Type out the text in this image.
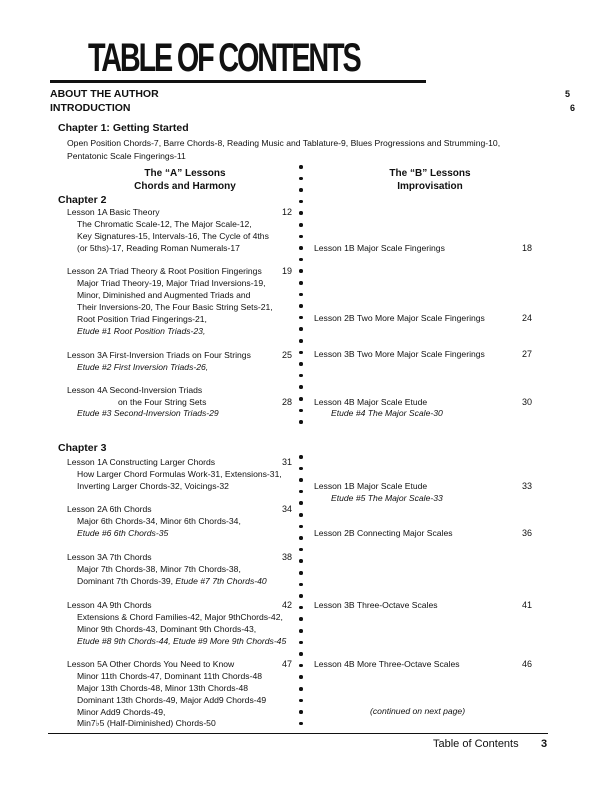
TABLE OF CONTENTS
ABOUT THE AUTHOR	5
INTRODUCTION	6
Chapter 1: Getting Started
Open Position Chords-7, Barre Chords-8, Reading Music and Tablature-9, Blues Progressions and Strumming-10,
Pentatonic Scale Fingerings-11
The “A” Lessons
Chords and Harmony
The “B” Lessons
Improvisation
Chapter 2
Lesson 1A Basic Theory	12
The Chromatic Scale-12, The Major Scale-12,
Key Signatures-15, Intervals-16, The Cycle of 4ths
(or 5ths)-17, Reading Roman Numerals-17
Lesson 2A Triad Theory & Root Position Fingerings	19
Major Triad Theory-19, Major Triad Inversions-19,
Minor, Diminished and Augmented Triads and
Their Inversions-20, The Four Basic String Sets-21,
Root Position Triad Fingerings-21,
Etude #1 Root Position Triads-23,
Lesson 3A First-Inversion Triads on Four Strings	25
Etude #2 First Inversion Triads-26,
Lesson 4A Second-Inversion Triads
on the Four String Sets	28
Etude #3 Second-Inversion Triads-29
Lesson 1B Major Scale Fingerings	18
Lesson 2B Two More Major Scale Fingerings	24
Lesson 3B Two More Major Scale Fingerings	27
Lesson 4B Major Scale Etude	30
Etude #4 The Major Scale-30
Chapter 3
Lesson 1A Constructing Larger Chords	31
How Larger Chord Formulas Work-31, Extensions-31,
Inverting Larger Chords-32, Voicings-32
Lesson 2A 6th Chords	34
Major 6th Chords-34, Minor 6th Chords-34,
Etude #6 6th Chords-35
Lesson 3A 7th Chords	38
Major 7th Chords-38, Minor 7th Chords-38,
Dominant 7th Chords-39, Etude #7 7th Chords-40
Lesson 4A 9th Chords	42
Extensions & Chord Families-42, Major 9thChords-42,
Minor 9th Chords-43, Dominant 9th Chords-43,
Etude #8 9th Chords-44, Etude #9 More 9th Chords-45
Lesson 5A Other Chords You Need to Know	47
Minor 11th Chords-47, Dominant 11th Chords-48
Major 13th Chords-48, Minor 13th Chords-48
Dominant 13th Chords-49, Major Add9 Chords-49
Minor Add9 Chords-49,
Min7♭5 (Half-Diminished) Chords-50
Lesson 1B Major Scale Etude	33
Etude #5 The Major Scale-33
Lesson 2B Connecting Major Scales	36
Lesson 3B Three-Octave Scales	41
Lesson 4B More Three-Octave Scales	46
(continued on next page)
Table of Contents 3
